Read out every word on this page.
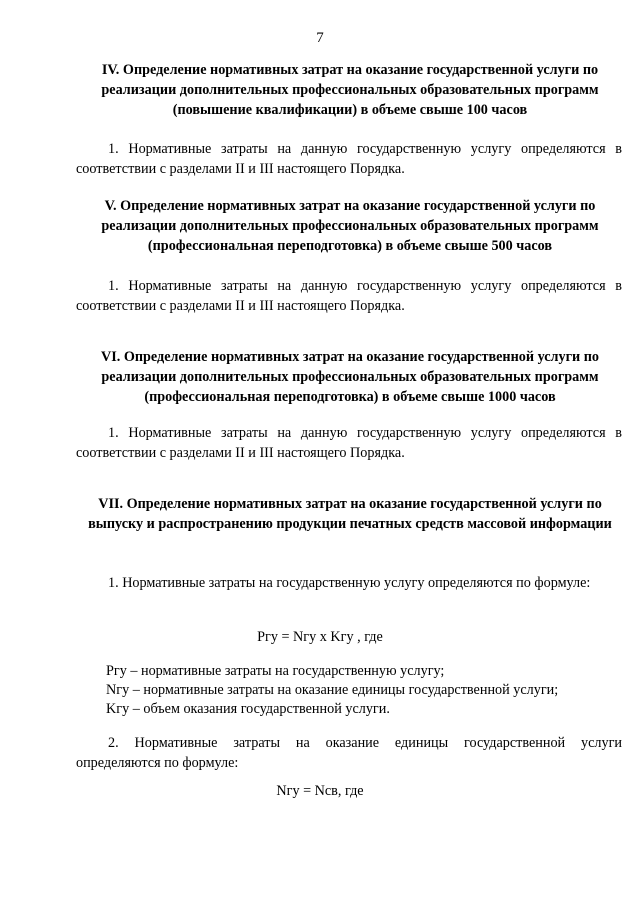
7
IV. Определение нормативных затрат на оказание государственной услуги по реализации дополнительных профессиональных образовательных программ (повышение квалификации) в объеме свыше 100 часов
1. Нормативные затраты на данную государственную услугу определяются в соответствии с разделами II и III настоящего Порядка.
V. Определение нормативных затрат на оказание государственной услуги по реализации дополнительных профессиональных образовательных программ (профессиональная переподготовка) в объеме свыше 500 часов
1. Нормативные затраты на данную государственную услугу определяются в соответствии с разделами II и III настоящего Порядка.
VI. Определение нормативных затрат на оказание государственной услуги по реализации дополнительных профессиональных образовательных программ (профессиональная переподготовка) в объеме свыше 1000 часов
1. Нормативные затраты на данную государственную услугу определяются в соответствии с разделами II и III настоящего Порядка.
VII. Определение нормативных затрат на оказание государственной услуги по выпуску и распространению продукции печатных средств массовой информации
1. Нормативные затраты на государственную услугу определяются по формуле:
Pгу = Nгу x Kгу , где
Pгу – нормативные затраты на государственную услугу;
Nгу – нормативные затраты на оказание единицы государственной услуги;
Kгу – объем оказания государственной услуги.
2. Нормативные затраты на оказание единицы государственной услуги определяются по формуле:
Nгу = Nсв, где
